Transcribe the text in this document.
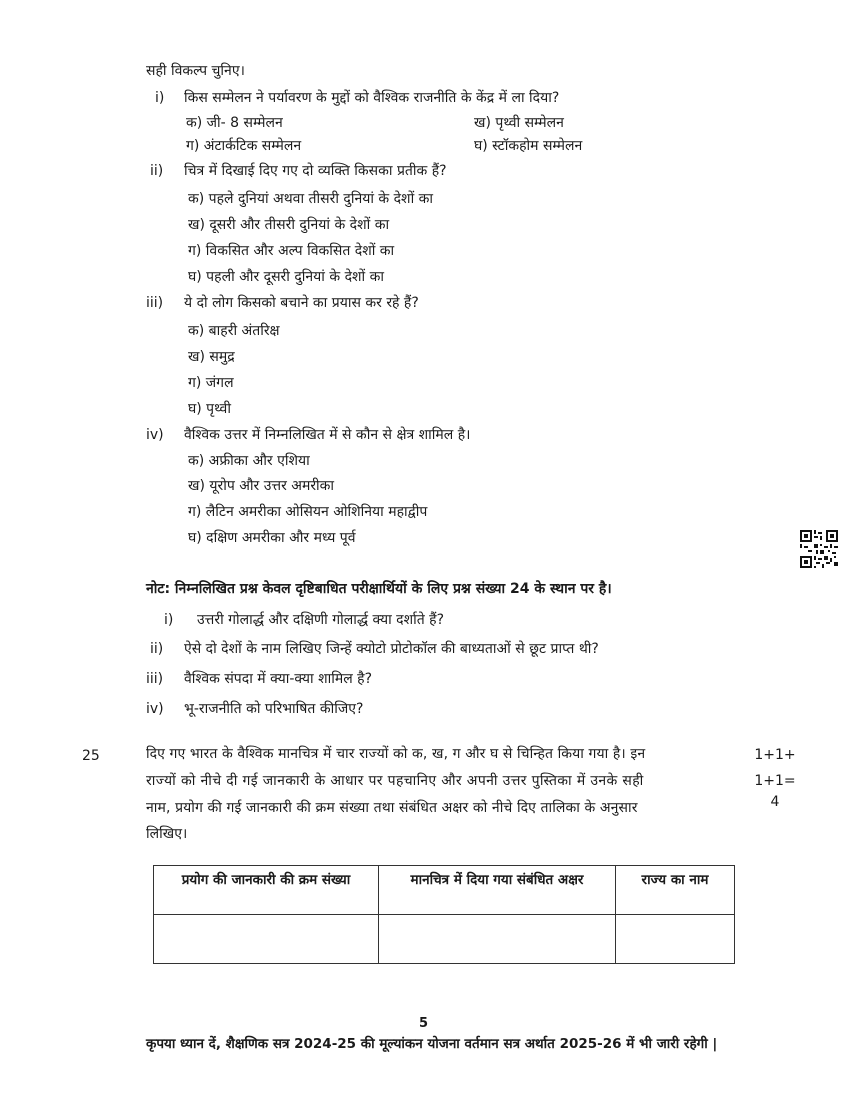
सही विकल्प चुनिए।
i) किस सम्मेलन ने पर्यावरण के मुद्दों को वैश्विक राजनीति के केंद्र में ला दिया?
क) जी- 8 सम्मेलन	ख) पृथ्वी सम्मेलन
ग) अंटार्कटिक सम्मेलन	घ) स्टॉकहोम सम्मेलन
ii) चित्र में दिखाई दिए गए दो व्यक्ति किसका प्रतीक हैं?
क) पहले दुनियां अथवा तीसरी दुनियां के देशों का
ख) दूसरी और तीसरी दुनियां के देशों का
ग) विकसित और अल्प विकसित देशों का
घ) पहली और दूसरी दुनियां के देशों का
iii) ये दो लोग किसको बचाने का प्रयास कर रहे हैं?
क) बाहरी अंतरिक्ष
ख) समुद्र
ग) जंगल
घ) पृथ्वी
iv) वैश्विक उत्तर में निम्नलिखित में से कौन से क्षेत्र शामिल है।
क) अफ्रीका और एशिया
ख) यूरोप और उत्तर अमरीका
ग) लैटिन अमरीका ओसियन ओशिनिया महाद्वीप
घ) दक्षिण अमरीका और मध्य पूर्व
नोट: निम्नलिखित प्रश्न केवल दृष्टिबाधित परीक्षार्थियों के लिए प्रश्न संख्या 24 के स्थान पर है।
i) उत्तरी गोलार्द्ध और दक्षिणी गोलार्द्ध क्या दर्शाते हैं?
ii) ऐसे दो देशों के नाम लिखिए जिन्हें क्योटो प्रोटोकॉल की बाध्यताओं से छूट प्राप्त थी?
iii) वैश्विक संपदा में क्या-क्या शामिल है?
iv) भू-राजनीति को परिभाषित कीजिए?
25	दिए गए भारत के वैश्विक मानचित्र में चार राज्यों को क, ख, ग और घ से चिन्हित किया गया है। इन
राज्यों को नीचे दी गई जानकारी के आधार पर पहचानिए और अपनी उत्तर पुस्तिका में उनके सही
नाम, प्रयोग की गई जानकारी की क्रम संख्या तथा संबंधित अक्षर को नीचे दिए तालिका के अनुसार
लिखिए।
1+1+
1+1=
4
प्रयोग की जानकारी की क्रम संख्या	मानचित्र में दिया गया संबंधित अक्षर	राज्य का नाम

5
कृपया ध्यान दें, शैक्षणिक सत्र 2024-25 की मूल्यांकन योजना वर्तमान सत्र अर्थात 2025-26 में भी जारी रहेगी |
